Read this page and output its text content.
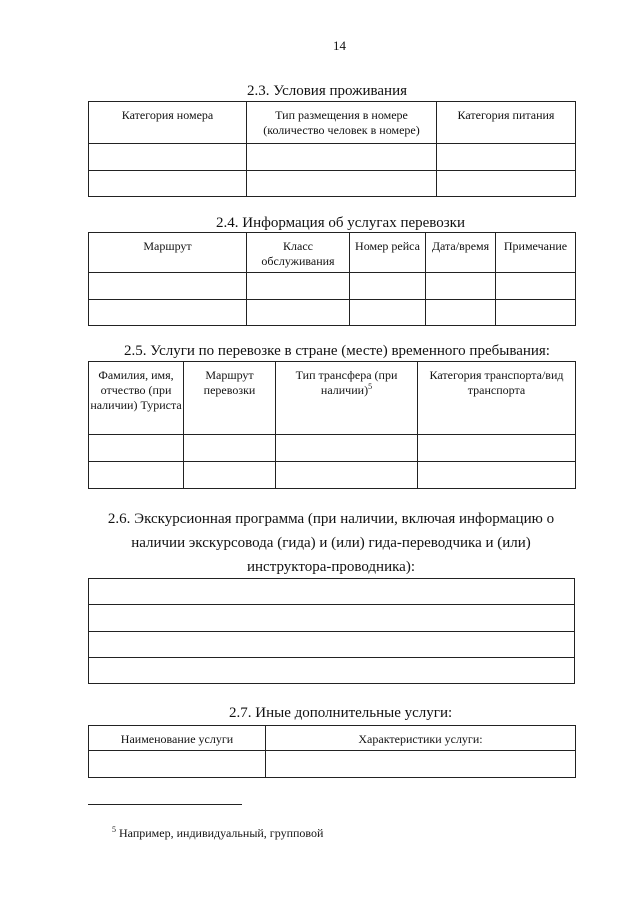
14
2.3. Условия проживания
Категория номера	Тип размещения в номере (количество человек в номере)	Категория питания

2.4. Информация об услугах перевозки
Маршрут	Класс обслуживания	Номер рейса	Дата/время	Примечание

2.5. Услуги по перевозке в стране (месте) временного пребывания:
Фамилия, имя, отчество (при наличии) Туриста	Маршрут перевозки	Тип трансфера (при наличии)$^5$	Категория транспорта/вид транспорта

2.6. Экскурсионная программа (при наличии, включая информацию о наличии экскурсовода (гида) и (или) гида-переводчика и (или) инструктора-проводника):

2.7. Иные дополнительные услуги:
Наименование услуги	Характеристики услуги:

$^5$ Например, индивидуальный, групповой
